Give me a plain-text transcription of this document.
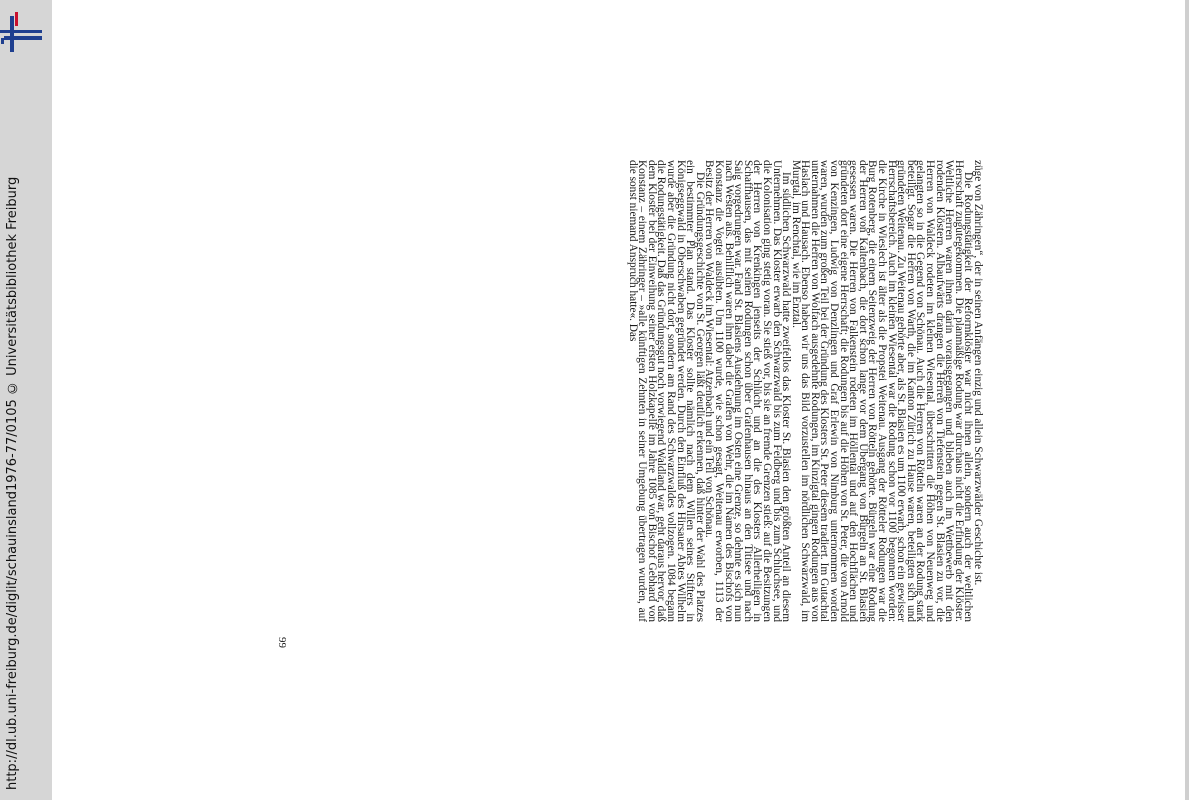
http://dl.ub.uni-freiburg.de/diglit/schauinsland1976-77/0105
© Universitätsbibliothek Freiburg	züge von Zähringen“, der in seinen Anfängen einzig und allein Schwarzwälder Geschichte ist.

Die Rodungstätigkeit der Reformklöster war nicht ihnen allein, sondern auch der weltlichen Herrschaft zugutegekommen. Die planmäßige Rodung war durchaus nicht die Erfindung der Klöster. Weltliche Herren waren ihnen darin vorausgegangen und blieben auch im Wettbewerb mit den rodenden Klöstern. Albaufwärts drangen die Herren von Tiefenstein gegen St. Blasien zu vor, die Herren von Waldeck rodeten im kleinen Wiesental, überschritten die Höhen von Neuenweg und gelangten so in die Gegend von Schönau. Auch die Herren von Rötteln waren an der Rodung stark beteiligt. Sogar die Herren von Warth, die im Kanton Zürich zu Hause waren, beteiligten sich und gründeten Weitenau. Zu Weitenau gehörte aber, als St. Blasien es um 1100 erwarb, schon ein gewisser Herrschaftsbereich. Auch im kleinen Wiesental war die Rodung schon vor 1100 begonnen worden: die Kirche in Wieslech ist älter als die Propstei Weitenau. Ausgang der Rötteler Rodungen war die Burg Rotenberg, die einem Seitenzweig der Herren von Rötteln gehörte. Bürgeln war eine Rodung der Herren von Kaltenbach, die dort schon lange vor dem Übergang von Bürgeln an St. Blasien gesessen waren. Die Herren von Falkenstein rodeten im Höllental und auf den Hochflächen und gründeten dort eine eigene Herrschaft; die Rodungen bis auf die Höhen von St. Peter, die von Arnold von Kenzingen, Ludwig von Denzlingen und Graf Erlewin von Nimburg unternommen worden waren, wurden zum großen Teil bei der Gründung des Klosters St. Peter diesem tradiert. Im Gutachtal unternahmen die Herren von Wolfach ausgedehnte Rodungen, im Kinzigtal gingen Rodungen aus von Haslach und Hausach. Ebenso haben wir uns das Bild vorzustellen im nördlichen Schwarzwald, im Murgtal, im Renchtal, wie im Enztal.

Im südlichen Schwarzwald hatte zweifellos das Kloster St. Blasien den größten Anteil an diesem Unternehmen. Das Kloster erwarb den Schwarzwald bis zum Feldberg und bis zum Schluchsee, und die Kolonisation ging stetig voran. Sie stieß vor, bis sie an fremde Grenzen stieß: auf die Besitzungen der Herren von Krenkingen jenseits der Schlücht und an die des Klosters Allerheiligen in Schaffhausen, das mit seinen Rodungen schon über Grafenhausen hinaus an den Titisee und nach Saig vorgedrungen war. Fand St. Blasiens Ausdehnung im Osten eine Grenze, so dehnte es sich nun nach Westen aus. Behilflich waren ihm dabei die Grafen von Wehr, die im Namen des Bischofs von Konstanz die Vogtei ausübten. Um 1100 wurde, wie schon gesagt, Weitenau erworben, 1113 der Besitz der Herren von Waldeck im Wiesental: Atzenbach und ein Teil von Schönau.

Die Gründungsgeschichte von St. Georgen läßt deutlich erkennen, daß hinter der Wahl des Platzes ein bestimmter Plan stand. Das Kloster sollte nämlich nach dem Willen seines Stifters in Königseggwald in Oberschwaben gegründet werden. Durch den Einfluß des Hirsauer Abtes Wilhelm wurde aber die Gründung nicht dort, sondern am Rand des Schwarzwaldes vollzogen. 1084 begann die Rodungstätigkeit. Daß das Gründungsgut noch vorwiegend Waldland war, geht daraus hervor, daß dem Kloster bei der Einweihung seiner ersten Holzkapelle im Jahre 1085 von Bischof Gebhard von Konstanz – einem Zähringer – »alle künftigen Zehnten in seiner Umgebung übertragen wurden, auf die sonst niemand Anspruch hatte«. Das

99
